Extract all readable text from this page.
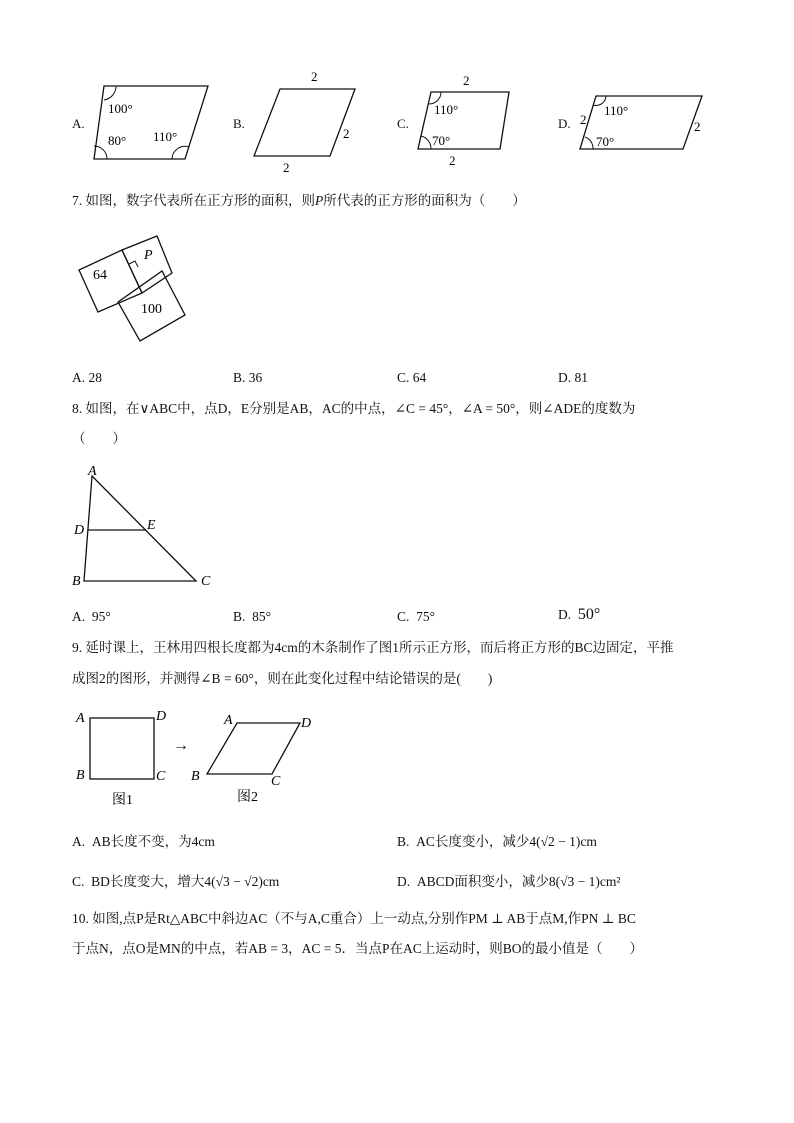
A.
100°
80° 110°
B.
2
2
2
C.
2
110°
70°
2
D. 2
110°
70°
2
7. 如图，数字代表所在正方形的面积，则P所代表的正方形的面积为（　　）
64
P
100
A. 28	B. 36	C. 64	D. 81
8. 如图，在∨ABC中，点D，E分别是AB，AC的中点，∠C = 45°，∠A = 50°，则∠ADE的度数为
（　　）
A
D	E
B	C
A. 95°	B. 85°	C. 75°	D. 50°
9. 延时课上，王林用四根长度都为4cm的木条制作了图1所示正方形，而后将正方形的BC边固定，平推
成图2的图形，并测得∠B = 60°，则在此变化过程中结论错误的是(　　)
A	D
B	C
图1
→
A	D
B	C
图2
A. AB长度不变，为4cm	B. AC长度变小，减少4(√2 − 1)cm
C. BD长度变大，增大4(√3 − √2)cm	D. ABCD面积变小，减少8(√3 − 1)cm²
10. 如图,点P是Rt△ABC中斜边AC（不与A,C重合）上一动点,分别作PM ⊥ AB于点M,作PN ⊥ BC
于点N，点O是MN的中点，若AB = 3，AC = 5．当点P在AC上运动时，则BO的最小值是（　　）
